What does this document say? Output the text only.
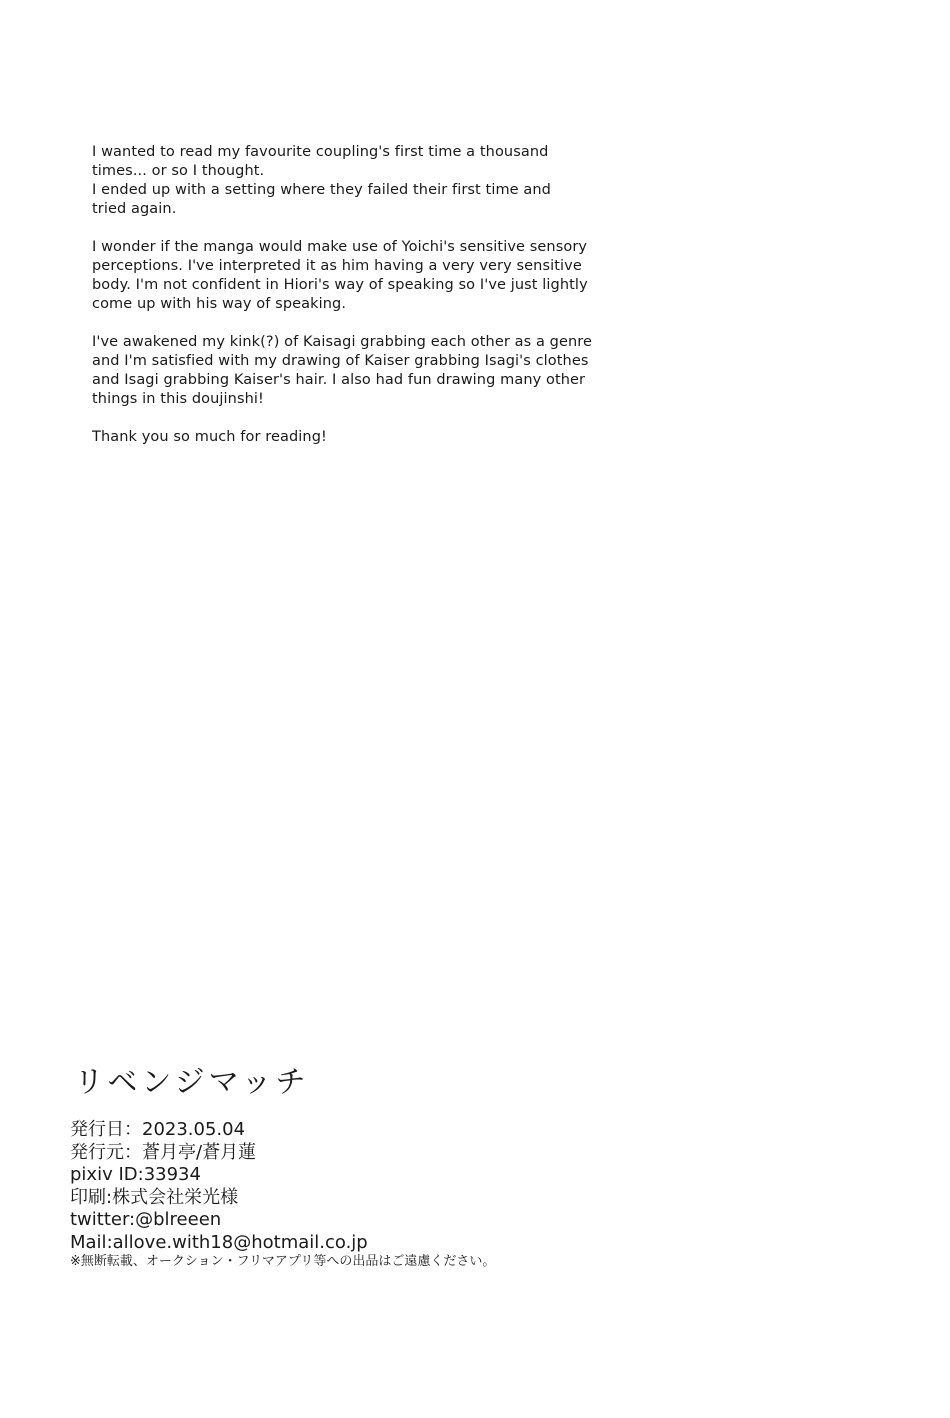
I wanted to read my favourite coupling's first time a thousand
times... or so I thought.
I ended up with a setting where they failed their first time and
tried again.

I wonder if the manga would make use of Yoichi's sensitive sensory
perceptions. I've interpreted it as him having a very very sensitive
body. I'm not confident in Hiori's way of speaking so I've just lightly
come up with his way of speaking.

I've awakened my kink(?) of Kaisagi grabbing each other as a genre
and I'm satisfied with my drawing of Kaiser grabbing Isagi's clothes
and Isagi grabbing Kaiser's hair. I also had fun drawing many other
things in this doujinshi!

Thank you so much for reading!

リベンジマッチ

発行日：2023.05.04

発行元：蒼月亭/蒼月蓮

pixiv ID:33934

印刷:株式会社栄光様

twitter:@blreeen

Mail:allove.with18@hotmail.co.jp

※無断転載、オークション・フリマアプリ等への出品はご遠慮ください。
